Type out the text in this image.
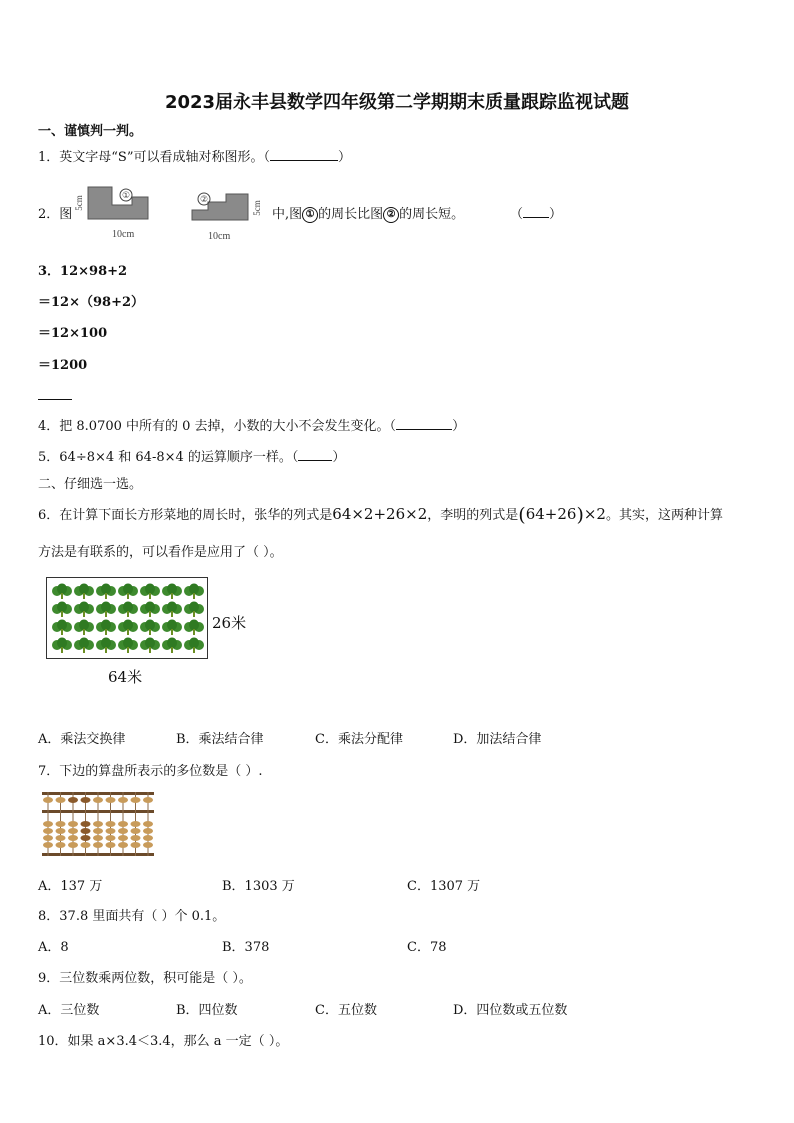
2023届永丰县数学四年级第二学期期末质量跟踪监视试题
一、谨慎判一判。
1．英文字母“S”可以看成轴对称图形。（	）
2．图
5cm	①
10cm
②
5cm
10cm
中,图 ① 的周长比图 ② 的周长短。	（ ）
3．12×98+2
＝12×（98+2）
＝12×100
＝1200
4．把 8.0700 中所有的 0 去掉，小数的大小不会发生变化。（	）
5．64÷8×4 和 64-8×4 的运算顺序一样。（	）
二、仔细选一选。
6．在计算下面长方形菜地的周长时，张华的列式是64×2+26×2，李明的列式是(64+26)×2。其实，这两种计算
方法是有联系的，可以看作是应用了（ ）。
26米
64米
A．乘法交换律	B．乘法结合律	C．乘法分配律	D．加法结合律
7．下边的算盘所表示的多位数是（ ）.
A．137 万	B．1303 万	C．1307 万
8．37.8 里面共有（ ）个 0.1。
A．8	B．378	C．78
9．三位数乘两位数，积可能是（ ）。
A．三位数	B．四位数	C．五位数	D．四位数或五位数
10．如果 a×3.4＜3.4，那么 a 一定（ ）。
